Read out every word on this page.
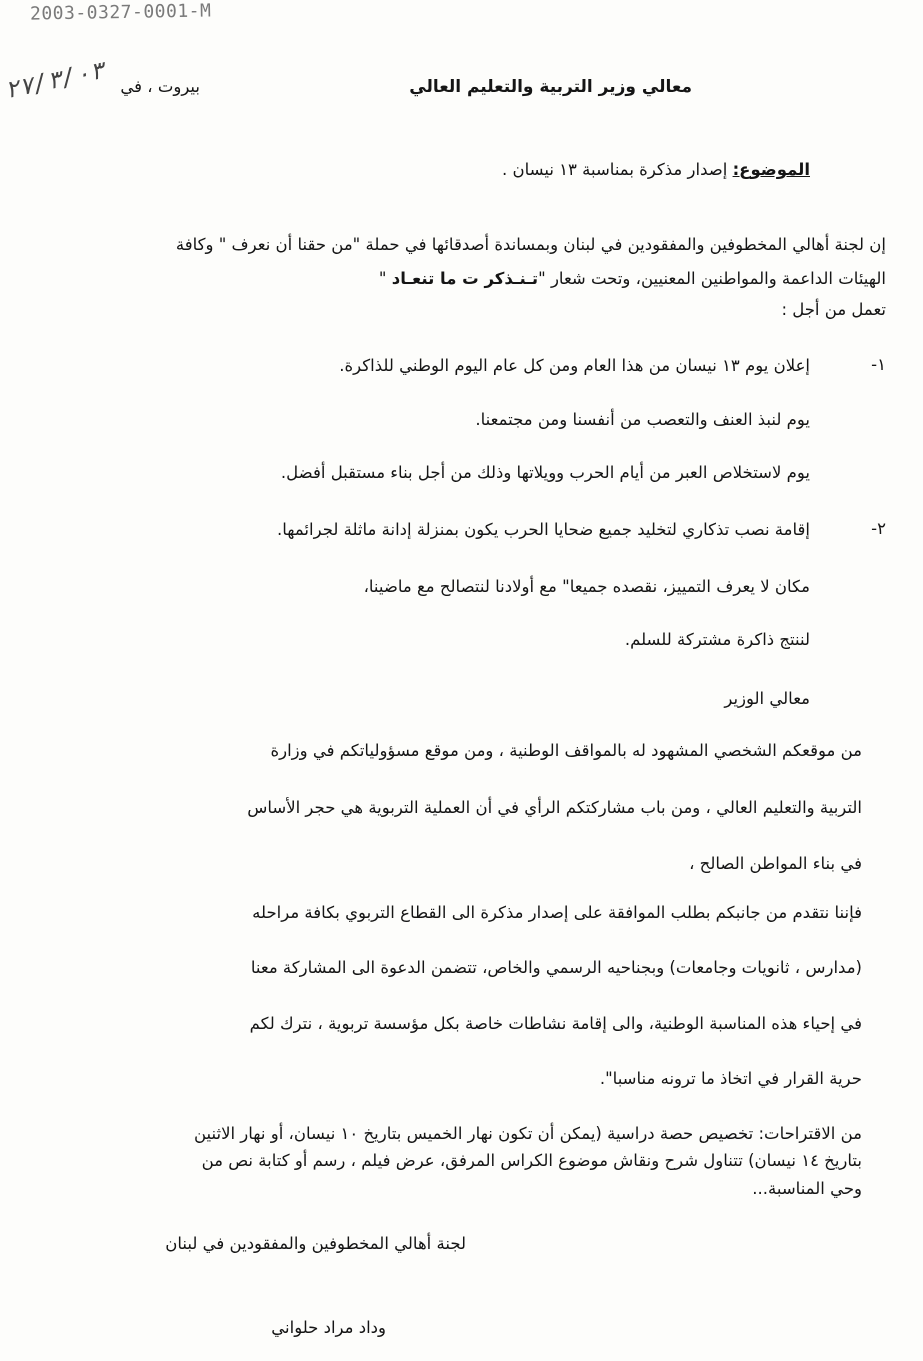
2003-0327-0001-M
٢٧/٣/٠٣ بيروت ، في	معالي وزير التربية والتعليم العالي
الموضوع: إصدار مذكرة بمناسبة ١٣ نيسان .
إن لجنة أهالي المخطوفين والمفقودين في لبنان وبمساندة أصدقائها في حملة "من حقنا أن نعرف " وكافة
الهيئات الداعمة والمواطنين المعنيين، وتحت شعار "تـنـذكر ت ما تنعـاد "
تعمل من أجل :
١-
إعلان يوم ١٣ نيسان من هذا العام ومن كل عام اليوم الوطني للذاكرة.
يوم لنبذ العنف والتعصب من أنفسنا ومن مجتمعنا.
يوم لاستخلاص العبر من أيام الحرب وويلاتها وذلك من أجل بناء مستقبل أفضل.
٢-
إقامة نصب تذكاري لتخليد جميع ضحايا الحرب يكون بمنزلة إدانة ماثلة لجرائمها.
مكان لا يعرف التمييز، نقصده جميعا" مع أولادنا لنتصالح مع ماضينا،
لننتج ذاكرة مشتركة للسلم.
معالي الوزير
من موقعكم الشخصي المشهود له بالمواقف الوطنية ، ومن موقع مسؤولياتكم في وزارة
التربية والتعليم العالي ، ومن باب مشاركتكم الرأي في أن العملية التربوية هي حجر الأساس
في بناء المواطن الصالح ،
فإننا نتقدم من جانبكم بطلب الموافقة على إصدار مذكرة الى القطاع التربوي بكافة مراحله
(مدارس ، ثانويات وجامعات) وبجناحيه الرسمي والخاص، تتضمن الدعوة الى المشاركة معنا
في إحياء هذه المناسبة الوطنية، والى إقامة نشاطات خاصة بكل مؤسسة تربوية ، نترك لكم
حرية القرار في اتخاذ ما ترونه مناسبا".
من الاقتراحات: تخصيص حصة دراسية (يمكن أن تكون نهار الخميس بتاريخ ١٠ نيسان، أو نهار الاثنين
بتاريخ ١٤ نيسان) تتناول شرح ونقاش موضوع الكراس المرفق، عرض فيلم ، رسم أو كتابة نص من
وحي المناسبة...
لجنة أهالي المخطوفين والمفقودين في لبنان
وداد مراد حلواني
